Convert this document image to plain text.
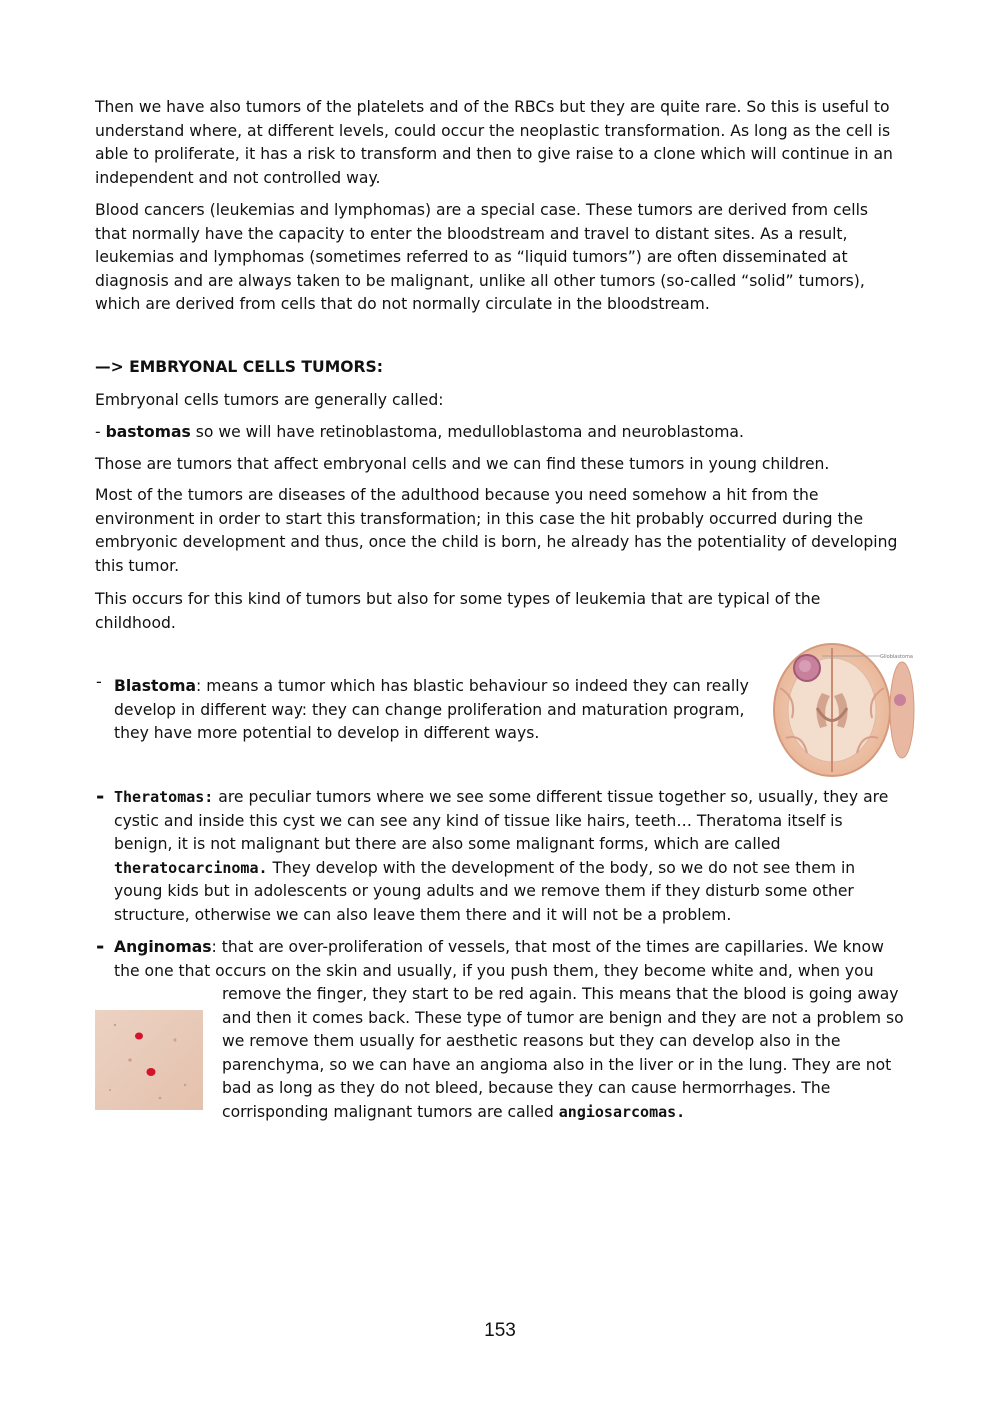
Then we have also tumors of the platelets and of the RBCs but they are quite rare. So this is useful to understand where, at different levels, could occur the neoplastic transformation. As long as the cell is able to proliferate, it has a risk to transform and then to give raise to a clone which will continue in an independent and not controlled way.

Blood cancers (leukemias and lymphomas) are a special case. These tumors are derived from cells that normally have the capacity to enter the bloodstream and travel to distant sites. As a result, leukemias and lymphomas (sometimes referred to as “liquid tumors”) are often disseminated at diagnosis and are always taken to be malignant, unlike all other tumors (so-called “solid” tumors), which are derived from cells that do not normally circulate in the bloodstream.

—> EMBRYONAL CELLS TUMORS:

Embryonal cells tumors are generally called:

- bastomas so we will have retinoblastoma, medulloblastoma and neuroblastoma.

Those are tumors that affect embryonal cells and we can find these tumors in young children.

Most of the tumors are diseases of the adulthood because you need somehow a hit from the environment in order to start this transformation; in this case the hit probably occurred during the embryonic development and thus, once the child is born, he already has the potentiality of developing this tumor.

This occurs for this kind of tumors but also for some types of leukemia that are typical of the childhood.

- Blastoma: means a tumor which has blastic behaviour so indeed they can really develop in different way: they can change proliferation and maturation program, they have more potential to develop in different ways.

Glioblastoma
- Theratomas: are peculiar tumors where we see some different tissue together so, usually, they are cystic and inside this cyst we can see any kind of tissue like hairs, teeth… Theratoma itself is benign, it is not malignant but there are also some malignant forms, which are called theratocarcinoma. They develop with the development of the body, so we do not see them in young kids but in adolescents or young adults and we remove them if they disturb some other structure, otherwise we can also leave them there and it will not be a problem.

- Anginomas: that are over-proliferation of vessels, that most of the times are capillaries. We know the one that occurs on the skin and usually, if you push them, they become white and, when you

remove the finger, they start to be red again. This means that the blood is going away and then it comes back. These type of tumor are benign and they are not a problem so we remove them usually for aesthetic reasons but they can develop also in the parenchyma, so we can have an angioma also in the liver or in the lung. They are not bad as long as they do not bleed, because they can cause hermorrhages. The corrisponding malignant tumors are called angiosarcomas.

153
